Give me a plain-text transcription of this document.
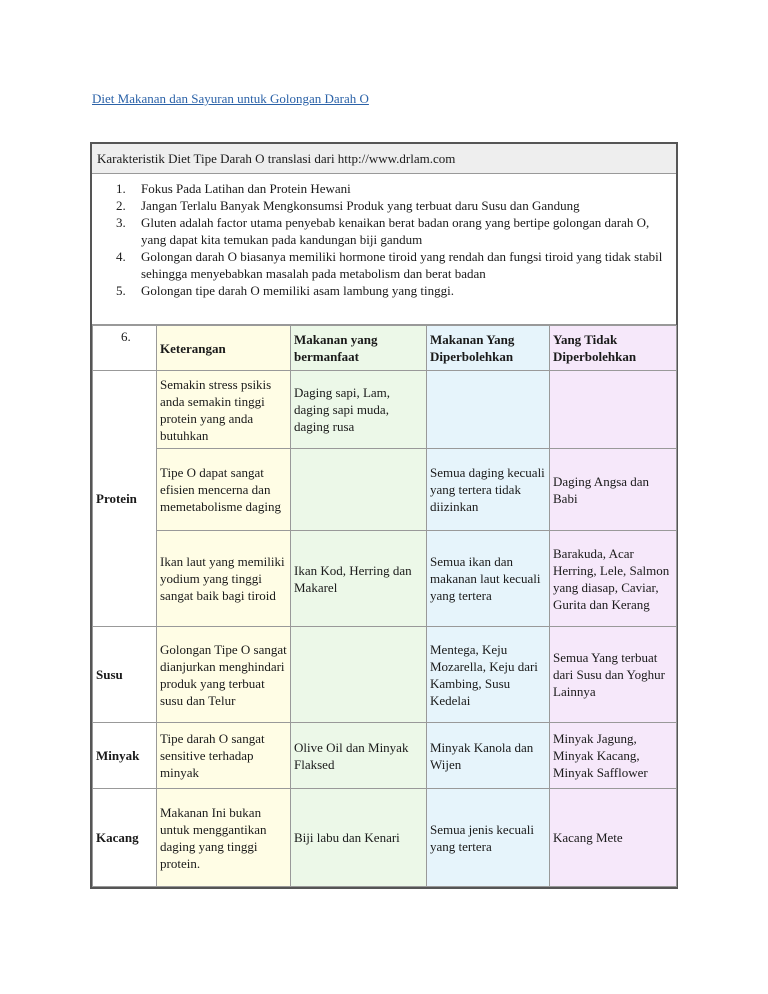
Diet Makanan dan Sayuran untuk Golongan Darah O
Karakteristik Diet Tipe Darah O translasi dari http://www.drlam.com
1.	Fokus Pada Latihan dan Protein Hewani
2.	Jangan Terlalu Banyak Mengkonsumsi Produk yang terbuat daru Susu dan Gandung
3.	Gluten adalah factor utama penyebab kenaikan berat badan orang yang bertipe golongan darah O, yang dapat kita temukan pada kandungan biji gandum
4.	Golongan darah O biasanya memiliki hormone tiroid yang rendah dan fungsi tiroid yang tidak stabil sehingga menyebabkan masalah pada metabolism dan berat badan
5.	Golongan tipe darah O memiliki asam lambung yang tinggi.
6.	Keterangan	Makanan yang bermanfaat	Makanan Yang Diperbolehkan	Yang Tidak Diperbolehkan
Protein	Semakin stress psikis anda semakin tinggi protein yang anda butuhkan	Daging sapi, Lam, daging sapi muda, daging rusa		
	Tipe O dapat sangat efisien mencerna dan memetabolisme daging		Semua daging kecuali yang tertera tidak diizinkan	Daging Angsa dan Babi
	Ikan laut yang memiliki yodium yang tinggi sangat baik bagi tiroid	Ikan Kod, Herring dan Makarel	Semua ikan dan makanan laut kecuali yang tertera	Barakuda, Acar Herring, Lele, Salmon yang diasap, Caviar, Gurita dan Kerang
Susu	Golongan Tipe O sangat dianjurkan menghindari produk yang terbuat susu dan Telur		Mentega, Keju Mozarella, Keju dari Kambing, Susu Kedelai	Semua Yang terbuat dari Susu dan Yoghur Lainnya
Minyak	Tipe darah O sangat sensitive terhadap minyak	Olive Oil dan Minyak Flaksed	Minyak Kanola dan Wijen	Minyak Jagung, Minyak Kacang, Minyak Safflower
Kacang	Makanan Ini bukan untuk menggantikan daging yang tinggi protein.	Biji labu dan Kenari	Semua jenis kecuali yang tertera	Kacang Mete
